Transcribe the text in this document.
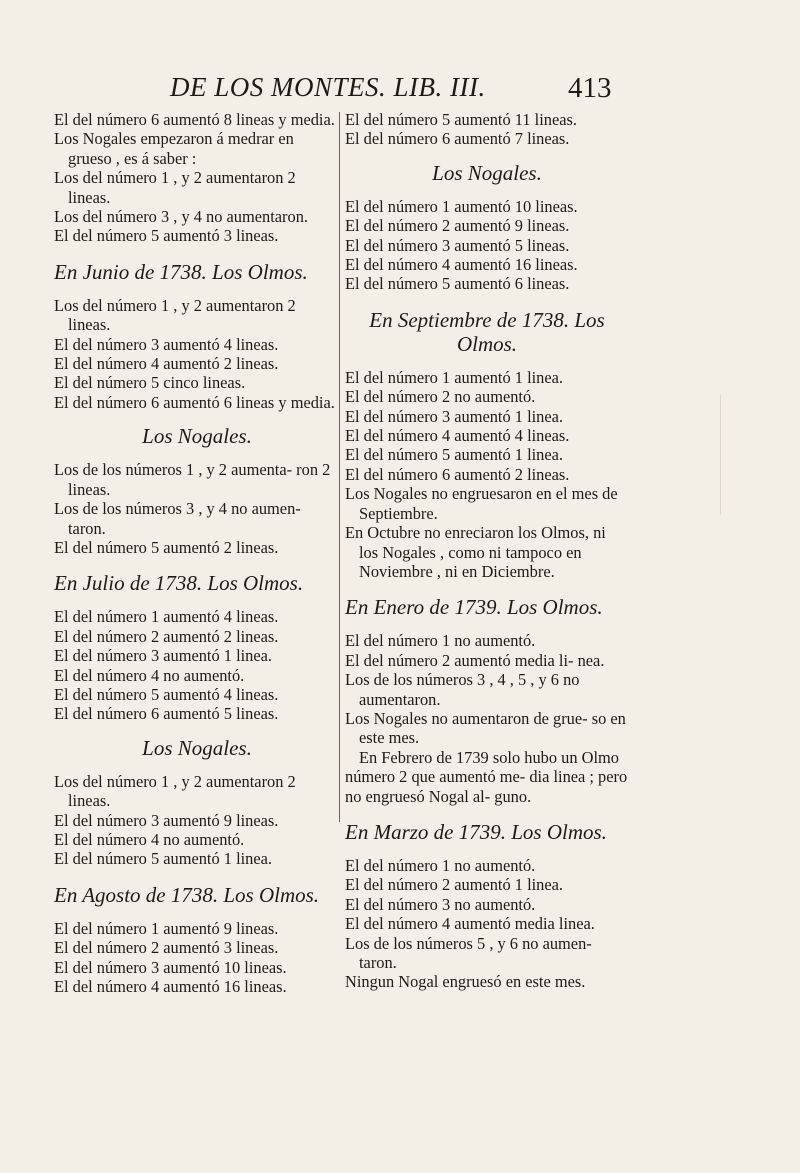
DE LOS MONTES. LIB. III.	413

El del número 6 aumentó 8 lineas y media.

Los Nogales empezaron á medrar en grueso , es á saber :

Los del número 1 , y 2 aumentaron 2 lineas.

Los del número 3 , y 4 no aumentaron.

El del número 5 aumentó 3 lineas.

En Junio de 1738. Los Olmos.

Los del número 1 , y 2 aumentaron 2 lineas.

El del número 3 aumentó 4 lineas.

El del número 4 aumentó 2 lineas.

El del número 5 cinco lineas.

El del número 6 aumentó 6 lineas y media.

Los Nogales.

Los de los números 1 , y 2 aumenta- ron 2 lineas.

Los de los números 3 , y 4 no aumen- taron.

El del número 5 aumentó 2 lineas.

En Julio de 1738. Los Olmos.

El del número 1 aumentó 4 lineas.

El del número 2 aumentó 2 lineas.

El del número 3 aumentó 1 linea.

El del número 4 no aumentó.

El del número 5 aumentó 4 lineas.

El del número 6 aumentó 5 lineas.

Los Nogales.

Los del número 1 , y 2 aumentaron 2 lineas.

El del número 3 aumentó 9 lineas.

El del número 4 no aumentó.

El del número 5 aumentó 1 linea.

En Agosto de 1738. Los Olmos.

El del número 1 aumentó 9 lineas.

El del número 2 aumentó 3 lineas.

El del número 3 aumentó 10 lineas.

El del número 4 aumentó 16 lineas.

El del número 5 aumentó 11 lineas.

El del número 6 aumentó 7 lineas.

Los Nogales.

El del número 1 aumentó 10 lineas.

El del número 2 aumentó 9 lineas.

El del número 3 aumentó 5 lineas.

El del número 4 aumentó 16 lineas.

El del número 5 aumentó 6 lineas.

En Septiembre de 1738. Los Olmos.

El del número 1 aumentó 1 linea.

El del número 2 no aumentó.

El del número 3 aumentó 1 linea.

El del número 4 aumentó 4 lineas.

El del número 5 aumentó 1 linea.

El del número 6 aumentó 2 lineas.

Los Nogales no engruesaron en el mes de Septiembre.

En Octubre no enreciaron los Olmos, ni los Nogales , como ni tampoco en Noviembre , ni en Diciembre.

En Enero de 1739. Los Olmos.

El del número 1 no aumentó.

El del número 2 aumentó media li- nea.

Los de los números 3 , 4 , 5 , y 6 no aumentaron.

Los Nogales no aumentaron de grue- so en este mes.

En Febrero de 1739 solo hubo un Olmo número 2 que aumentó me- dia linea ; pero no engruesó Nogal al- guno.

En Marzo de 1739. Los Olmos.

El del número 1 no aumentó.

El del número 2 aumentó 1 linea.

El del número 3 no aumentó.

El del número 4 aumentó media linea.

Los de los números 5 , y 6 no aumen- taron.

Ningun Nogal engruesó en este mes.
